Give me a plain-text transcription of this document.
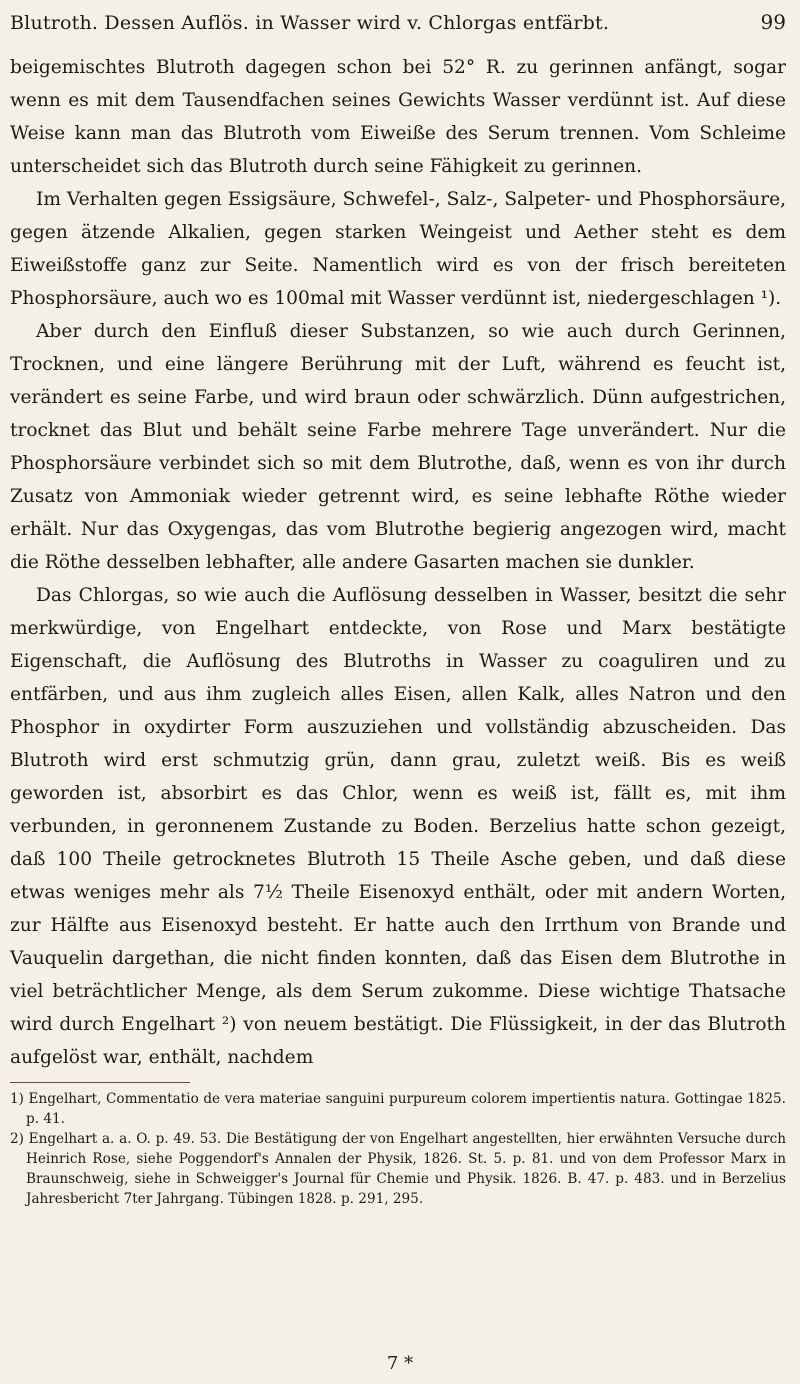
Blutroth. Dessen Auflös. in Wasser wird v. Chlorgas entfärbt.	99

beigemischtes Blutroth dagegen schon bei 52° R. zu gerinnen anfängt, sogar wenn es mit dem Tausendfachen seines Gewichts Wasser verdünnt ist. Auf diese Weise kann man das Blutroth vom Eiweiße des Serum trennen. Vom Schleime unterscheidet sich das Blutroth durch seine Fähigkeit zu gerinnen.

Im Verhalten gegen Essigsäure, Schwefel-, Salz-, Salpeter- und Phosphorsäure, gegen ätzende Alkalien, gegen starken Weingeist und Aether steht es dem Eiweißstoffe ganz zur Seite. Namentlich wird es von der frisch bereiteten Phosphorsäure, auch wo es 100mal mit Wasser verdünnt ist, niedergeschlagen ¹).

Aber durch den Einfluß dieser Substanzen, so wie auch durch Gerinnen, Trocknen, und eine längere Berührung mit der Luft, während es feucht ist, verändert es seine Farbe, und wird braun oder schwärzlich. Dünn aufgestrichen, trocknet das Blut und behält seine Farbe mehrere Tage unverändert. Nur die Phosphorsäure verbindet sich so mit dem Blutrothe, daß, wenn es von ihr durch Zusatz von Ammoniak wieder getrennt wird, es seine lebhafte Röthe wieder erhält. Nur das Oxygengas, das vom Blutrothe begierig angezogen wird, macht die Röthe desselben lebhafter, alle andere Gasarten machen sie dunkler.

Das Chlorgas, so wie auch die Auflösung desselben in Wasser, besitzt die sehr merkwürdige, von Engelhart entdeckte, von Rose und Marx bestätigte Eigenschaft, die Auflösung des Blutroths in Wasser zu coaguliren und zu entfärben, und aus ihm zugleich alles Eisen, allen Kalk, alles Natron und den Phosphor in oxydirter Form auszuziehen und vollständig abzuscheiden. Das Blutroth wird erst schmutzig grün, dann grau, zuletzt weiß. Bis es weiß geworden ist, absorbirt es das Chlor, wenn es weiß ist, fällt es, mit ihm verbunden, in geronnenem Zustande zu Boden. Berzelius hatte schon gezeigt, daß 100 Theile getrocknetes Blutroth 15 Theile Asche geben, und daß diese etwas weniges mehr als 7½ Theile Eisenoxyd enthält, oder mit andern Worten, zur Hälfte aus Eisenoxyd besteht. Er hatte auch den Irrthum von Brande und Vauquelin dargethan, die nicht finden konnten, daß das Eisen dem Blutrothe in viel beträchtlicher Menge, als dem Serum zukomme. Diese wichtige Thatsache wird durch Engelhart ²) von neuem bestätigt. Die Flüssigkeit, in der das Blutroth aufgelöst war, enthält, nachdem

1) Engelhart, Commentatio de vera materiae sanguini purpureum colorem impertientis natura. Gottingae 1825. p. 41.

2) Engelhart a. a. O. p. 49. 53. Die Bestätigung der von Engelhart angestellten, hier erwähnten Versuche durch Heinrich Rose, siehe Poggendorf's Annalen der Physik, 1826. St. 5. p. 81. und von dem Professor Marx in Braunschweig, siehe in Schweigger's Journal für Chemie und Physik. 1826. B. 47. p. 483. und in Berzelius Jahresbericht 7ter Jahrgang. Tübingen 1828. p. 291, 295.

7 *
